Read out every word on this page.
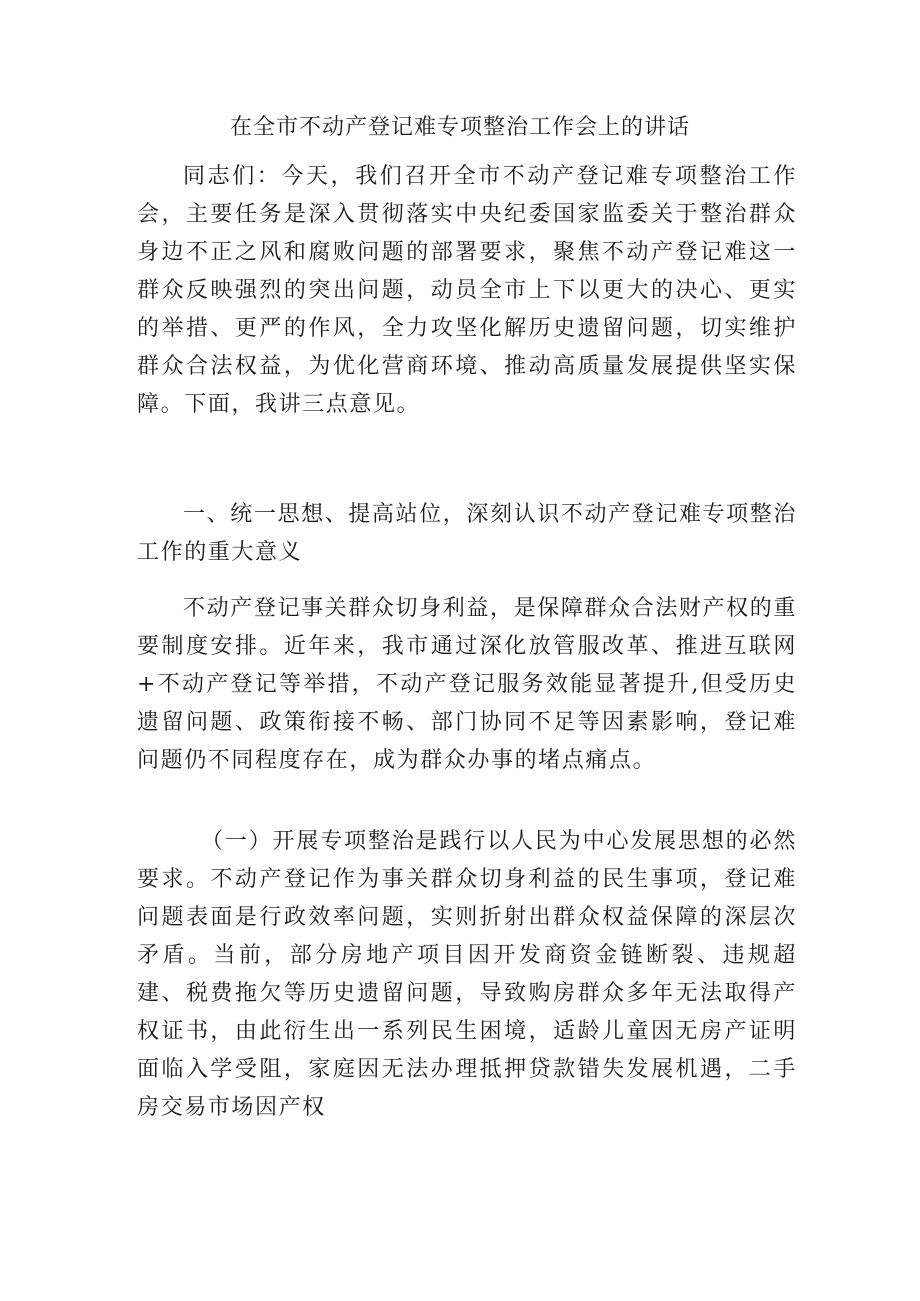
在全市不动产登记难专项整治工作会上的讲话
同志们：今天，我们召开全市不动产登记难专项整治工作会，主要任务是深入贯彻落实中央纪委国家监委关于整治群众身边不正之风和腐败问题的部署要求，聚焦不动产登记难这一群众反映强烈的突出问题，动员全市上下以更大的决心、更实的举措、更严的作风，全力攻坚化解历史遗留问题，切实维护群众合法权益，为优化营商环境、推动高质量发展提供坚实保障。下面，我讲三点意见。
一、统一思想、提高站位，深刻认识不动产登记难专项整治工作的重大意义
不动产登记事关群众切身利益，是保障群众合法财产权的重要制度安排。近年来，我市通过深化放管服改革、推进互联网+不动产登记等举措，不动产登记服务效能显著提升,但受历史遗留问题、政策衔接不畅、部门协同不足等因素影响，登记难问题仍不同程度存在，成为群众办事的堵点痛点。
（一）开展专项整治是践行以人民为中心发展思想的必然要求。不动产登记作为事关群众切身利益的民生事项，登记难问题表面是行政效率问题，实则折射出群众权益保障的深层次矛盾。当前，部分房地产项目因开发商资金链断裂、违规超建、税费拖欠等历史遗留问题，导致购房群众多年无法取得产权证书，由此衍生出一系列民生困境，适龄儿童因无房产证明面临入学受阻，家庭因无法办理抵押贷款错失发展机遇，二手房交易市场因产权
